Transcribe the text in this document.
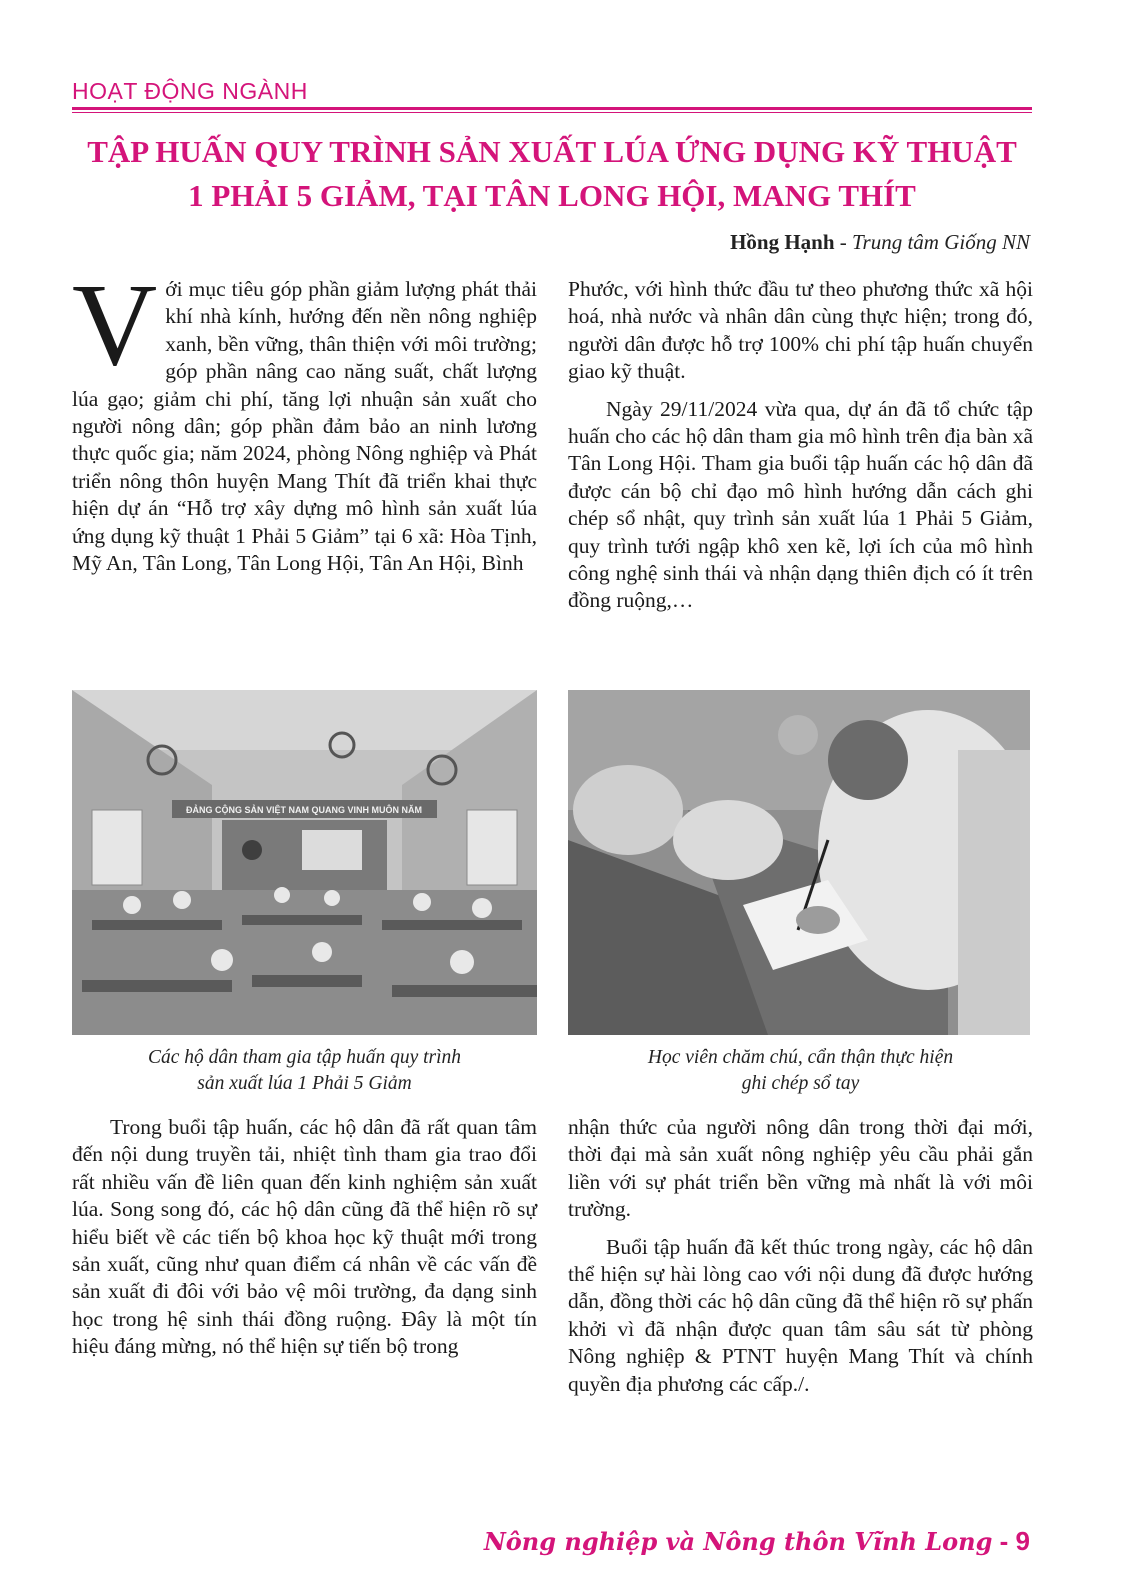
HOẠT ĐỘNG NGÀNH
TẬP HUẤN QUY TRÌNH SẢN XUẤT LÚA ỨNG DỤNG KỸ THUẬT
1 PHẢI 5 GIẢM, TẠI TÂN LONG HỘI, MANG THÍT
Hồng Hạnh - Trung tâm Giống NN

Với mục tiêu góp phần giảm lượng phát thải khí nhà kính, hướng đến nền nông nghiệp xanh, bền vững, thân thiện với môi trường; góp phần nâng cao năng suất, chất lượng lúa gạo; giảm chi phí, tăng lợi nhuận sản xuất cho người nông dân; góp phần đảm bảo an ninh lương thực quốc gia; năm 2024, phòng Nông nghiệp và Phát triển nông thôn huyện Mang Thít đã triển khai thực hiện dự án “Hỗ trợ xây dựng mô hình sản xuất lúa ứng dụng kỹ thuật 1 Phải 5 Giảm” tại 6 xã: Hòa Tịnh, Mỹ An, Tân Long, Tân Long Hội, Tân An Hội, Bình

Phước, với hình thức đầu tư theo phương thức xã hội hoá, nhà nước và nhân dân cùng thực hiện; trong đó, người dân được hỗ trợ 100% chi phí tập huấn chuyển giao kỹ thuật.

Ngày 29/11/2024 vừa qua, dự án đã tổ chức tập huấn cho các hộ dân tham gia mô hình trên địa bàn xã Tân Long Hội. Tham gia buổi tập huấn các hộ dân đã được cán bộ chỉ đạo mô hình hướng dẫn cách ghi chép sổ nhật, quy trình sản xuất lúa 1 Phải 5 Giảm, quy trình tưới ngập khô xen kẽ, lợi ích của mô hình công nghệ sinh thái và nhận dạng thiên địch có ít trên đồng ruộng,…

ĐẢNG CỘNG SẢN VIỆT NAM QUANG VINH MUÔN NĂM
Các hộ dân tham gia tập huấn quy trình
sản xuất lúa 1 Phải 5 Giảm
Học viên chăm chú, cẩn thận thực hiện
ghi chép sổ tay

Trong buổi tập huấn, các hộ dân đã rất quan tâm đến nội dung truyền tải, nhiệt tình tham gia trao đổi rất nhiều vấn đề liên quan đến kinh nghiệm sản xuất lúa. Song song đó, các hộ dân cũng đã thể hiện rõ sự hiểu biết về các tiến bộ khoa học kỹ thuật mới trong sản xuất, cũng như quan điểm cá nhân về các vấn đề sản xuất đi đôi với bảo vệ môi trường, đa dạng sinh học trong hệ sinh thái đồng ruộng. Đây là một tín hiệu đáng mừng, nó thể hiện sự tiến bộ trong

nhận thức của người nông dân trong thời đại mới, thời đại mà sản xuất nông nghiệp yêu cầu phải gắn liền với sự phát triển bền vững mà nhất là với môi trường.

Buổi tập huấn đã kết thúc trong ngày, các hộ dân thể hiện sự hài lòng cao với nội dung đã được hướng dẫn, đồng thời các hộ dân cũng đã thể hiện rõ sự phấn khởi vì đã nhận được quan tâm sâu sát từ phòng Nông nghiệp & PTNT huyện Mang Thít và chính quyền địa phương các cấp./.

Nông nghiệp và Nông thôn Vĩnh Long - 9
